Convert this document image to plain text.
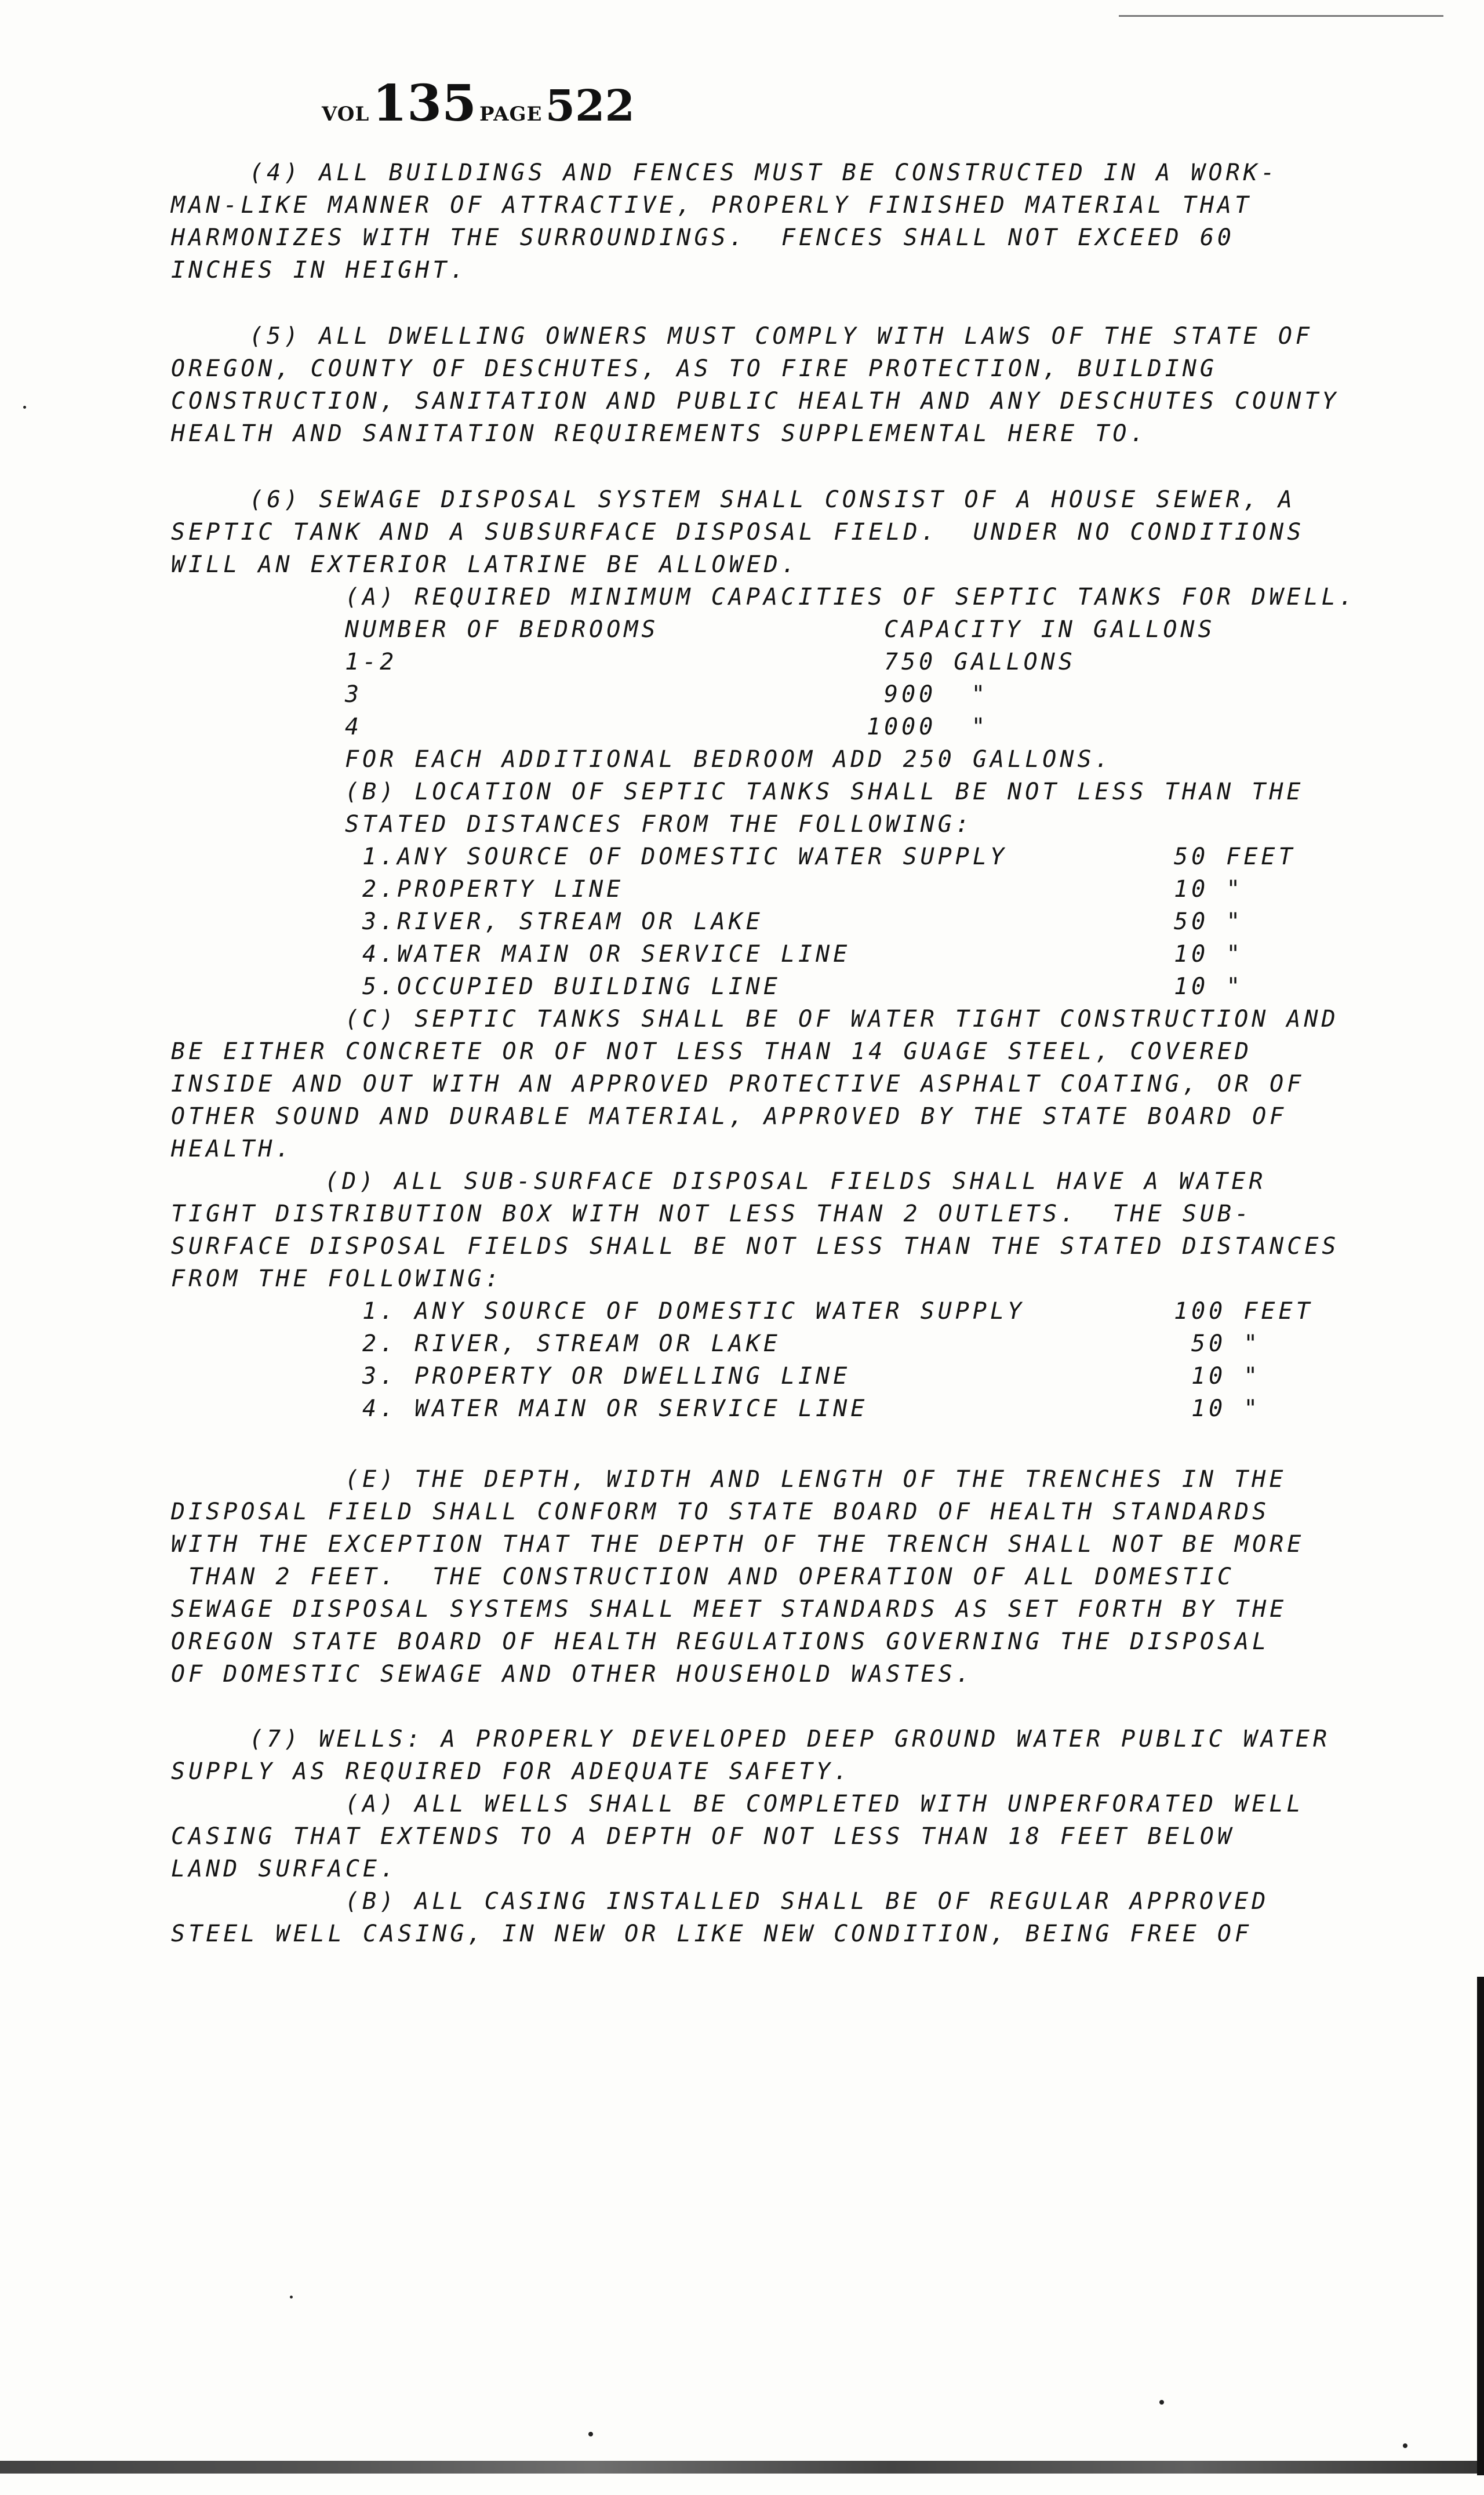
VOL 135 PAGE 522
(4) ALL BUILDINGS AND FENCES MUST BE CONSTRUCTED IN A WORK-
MAN-LIKE MANNER OF ATTRACTIVE, PROPERLY FINISHED MATERIAL THAT
HARMONIZES WITH THE SURROUNDINGS.  FENCES SHALL NOT EXCEED 60
INCHES IN HEIGHT.
(5) ALL DWELLING OWNERS MUST COMPLY WITH LAWS OF THE STATE OF
OREGON, COUNTY OF DESCHUTES, AS TO FIRE PROTECTION, BUILDING
CONSTRUCTION, SANITATION AND PUBLIC HEALTH AND ANY DESCHUTES COUNTY
HEALTH AND SANITATION REQUIREMENTS SUPPLEMENTAL HERE TO.
(6) SEWAGE DISPOSAL SYSTEM SHALL CONSIST OF A HOUSE SEWER, A
SEPTIC TANK AND A SUBSURFACE DISPOSAL FIELD.  UNDER NO CONDITIONS
WILL AN EXTERIOR LATRINE BE ALLOWED.
(A) REQUIRED MINIMUM CAPACITIES OF SEPTIC TANKS FOR DWELL.
NUMBER OF BEDROOMS	CAPACITY IN GALLONS
1-2	750 GALLONS
3	900  "
4	1000  "
FOR EACH ADDITIONAL BEDROOM ADD 250 GALLONS.
(B) LOCATION OF SEPTIC TANKS SHALL BE NOT LESS THAN THE
STATED DISTANCES FROM THE FOLLOWING:
1.ANY SOURCE OF DOMESTIC WATER SUPPLY	50 FEET
2.PROPERTY LINE	10 "
3.RIVER, STREAM OR LAKE	50 "
4.WATER MAIN OR SERVICE LINE	10 "
5.OCCUPIED BUILDING LINE	10 "
(C) SEPTIC TANKS SHALL BE OF WATER TIGHT CONSTRUCTION AND
BE EITHER CONCRETE OR OF NOT LESS THAN 14 GUAGE STEEL, COVERED
INSIDE AND OUT WITH AN APPROVED PROTECTIVE ASPHALT COATING, OR OF
OTHER SOUND AND DURABLE MATERIAL, APPROVED BY THE STATE BOARD OF
HEALTH.
(D) ALL SUB-SURFACE DISPOSAL FIELDS SHALL HAVE A WATER
TIGHT DISTRIBUTION BOX WITH NOT LESS THAN 2 OUTLETS.  THE SUB-
SURFACE DISPOSAL FIELDS SHALL BE NOT LESS THAN THE STATED DISTANCES
FROM THE FOLLOWING:
1. ANY SOURCE OF DOMESTIC WATER SUPPLY	100 FEET
2. RIVER, STREAM OR LAKE	50 "
3. PROPERTY OR DWELLING LINE	10 "
4. WATER MAIN OR SERVICE LINE	10 "
(E) THE DEPTH, WIDTH AND LENGTH OF THE TRENCHES IN THE
DISPOSAL FIELD SHALL CONFORM TO STATE BOARD OF HEALTH STANDARDS
WITH THE EXCEPTION THAT THE DEPTH OF THE TRENCH SHALL NOT BE MORE
THAN 2 FEET.  THE CONSTRUCTION AND OPERATION OF ALL DOMESTIC
SEWAGE DISPOSAL SYSTEMS SHALL MEET STANDARDS AS SET FORTH BY THE
OREGON STATE BOARD OF HEALTH REGULATIONS GOVERNING THE DISPOSAL
OF DOMESTIC SEWAGE AND OTHER HOUSEHOLD WASTES.
(7) WELLS: A PROPERLY DEVELOPED DEEP GROUND WATER PUBLIC WATER
SUPPLY AS REQUIRED FOR ADEQUATE SAFETY.
(A) ALL WELLS SHALL BE COMPLETED WITH UNPERFORATED WELL
CASING THAT EXTENDS TO A DEPTH OF NOT LESS THAN 18 FEET BELOW
LAND SURFACE.
(B) ALL CASING INSTALLED SHALL BE OF REGULAR APPROVED
STEEL WELL CASING, IN NEW OR LIKE NEW CONDITION, BEING FREE OF
